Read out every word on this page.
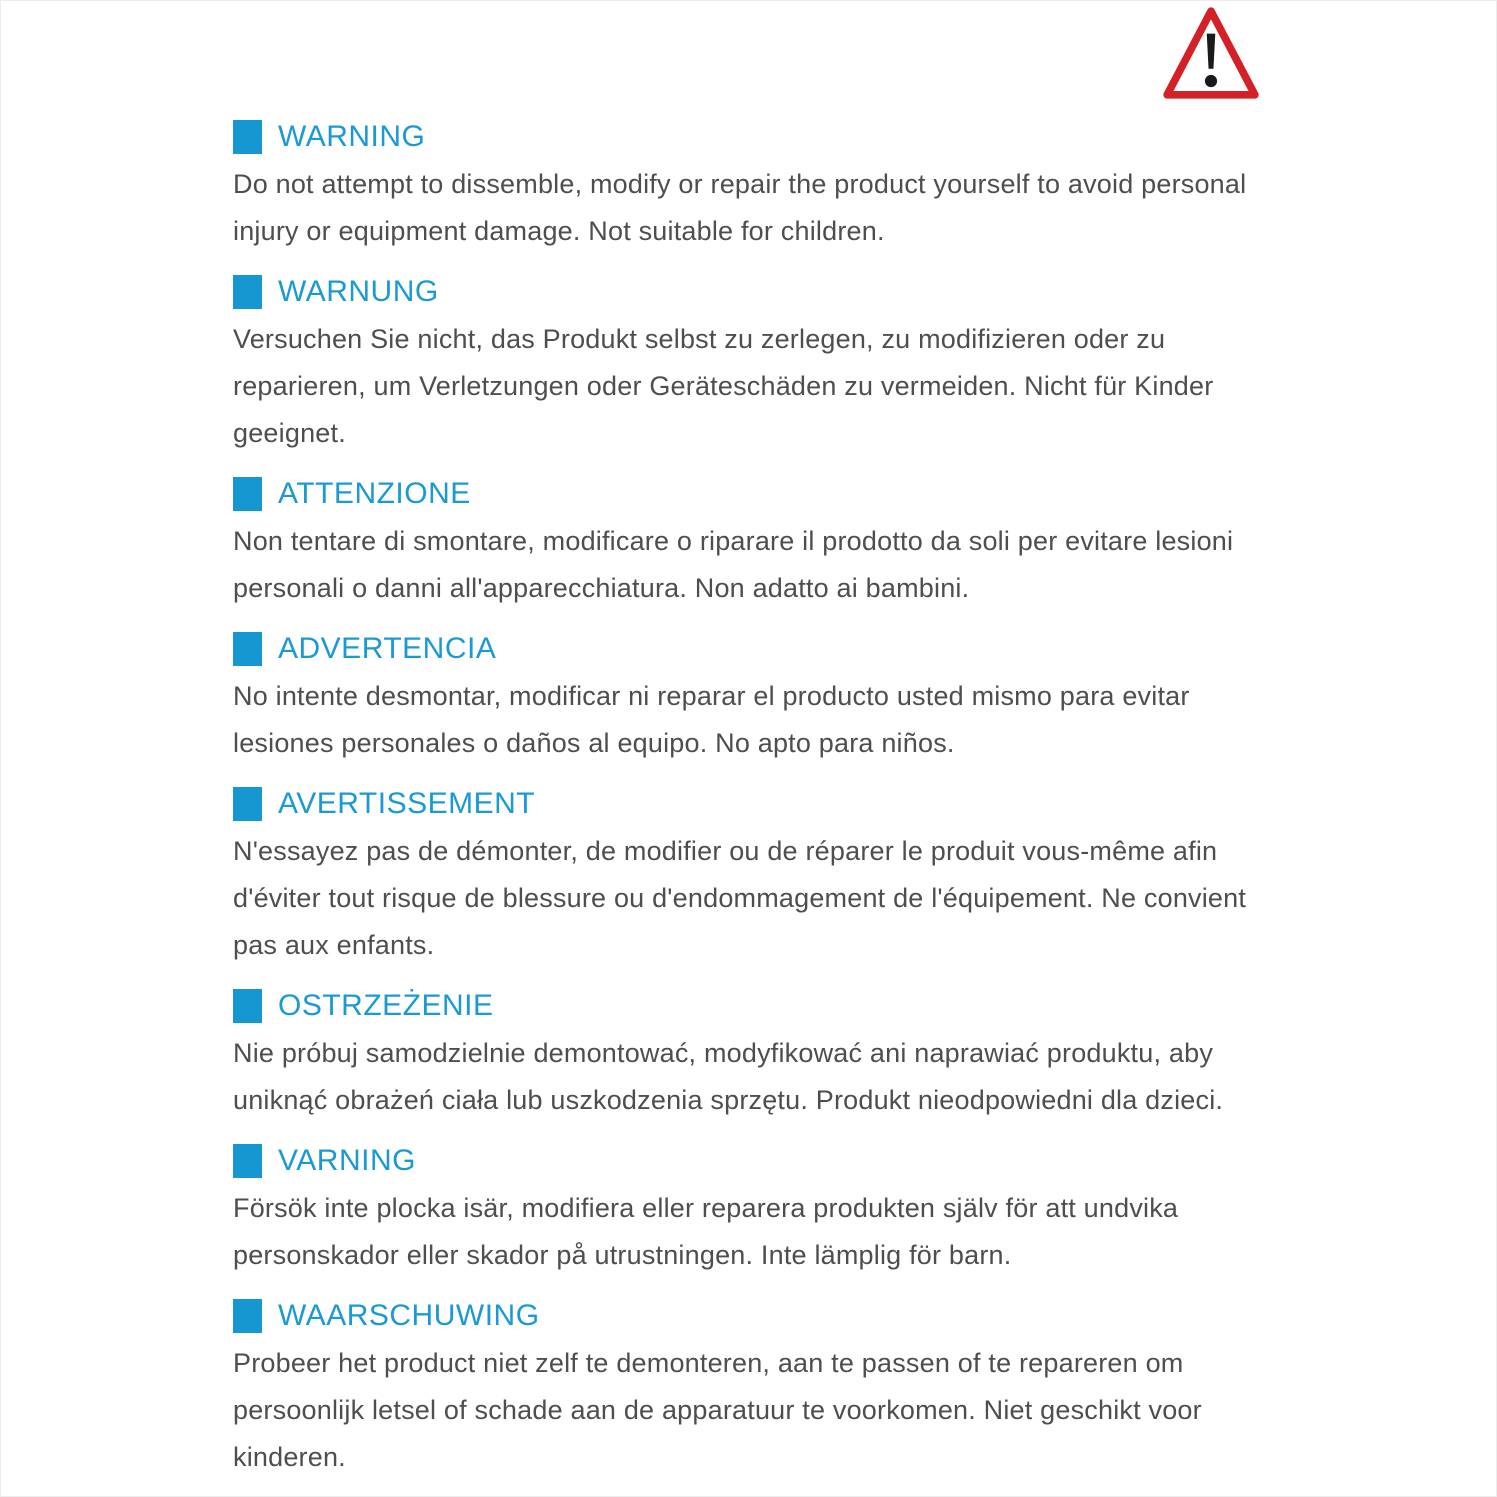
WARNING

Do not attempt to dissemble, modify or repair the product yourself to avoid personal injury or equipment damage. Not suitable for children.

WARNUNG

Versuchen Sie nicht, das Produkt selbst zu zerlegen, zu modifizieren oder zu reparieren, um Verletzungen oder Geräteschäden zu vermeiden. Nicht für Kinder geeignet.

ATTENZIONE

Non tentare di smontare, modificare o riparare il prodotto da soli per evitare lesioni personali o danni all'apparecchiatura. Non adatto ai bambini.

ADVERTENCIA

No intente desmontar, modificar ni reparar el producto usted mismo para evitar lesiones personales o daños al equipo. No apto para niños.

AVERTISSEMENT

N'essayez pas de démonter, de modifier ou de réparer le produit vous-même afin d'éviter tout risque de blessure ou d'endommagement de l'équipement. Ne convient pas aux enfants.

OSTRZEŻENIE

Nie próbuj samodzielnie demontować, modyfikować ani naprawiać produktu, aby uniknąć obrażeń ciała lub uszkodzenia sprzętu. Produkt nieodpowiedni dla dzieci.

VARNING

Försök inte plocka isär, modifiera eller reparera produkten själv för att undvika personskador eller skador på utrustningen. Inte lämplig för barn.

WAARSCHUWING

Probeer het product niet zelf te demonteren, aan te passen of te repareren om persoonlijk letsel of schade aan de apparatuur te voorkomen. Niet geschikt voor kinderen.
